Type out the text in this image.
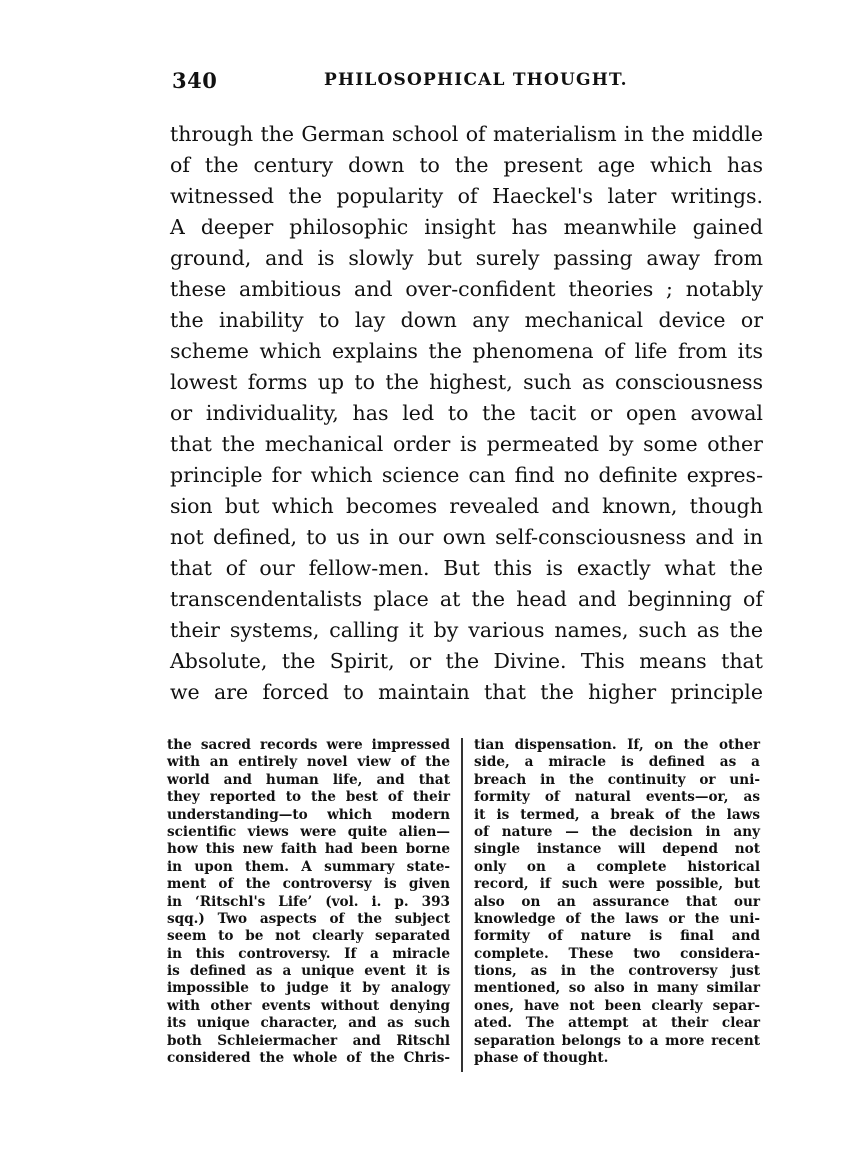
340	PHILOSOPHICAL THOUGHT.
through the German school of materialism in the middle
of the century down to the present age which has
witnessed the popularity of Haeckel's later writings.
A deeper philosophic insight has meanwhile gained
ground, and is slowly but surely passing away from
these ambitious and over-confident theories ; notably
the inability to lay down any mechanical device or
scheme which explains the phenomena of life from its
lowest forms up to the highest, such as consciousness
or individuality, has led to the tacit or open avowal
that the mechanical order is permeated by some other
principle for which science can find no definite expres-
sion but which becomes revealed and known, though
not defined, to us in our own self-consciousness and in
that of our fellow-men. But this is exactly what the
transcendentalists place at the head and beginning of
their systems, calling it by various names, such as the
Absolute, the Spirit, or the Divine. This means that
we are forced to maintain that the higher principle
the sacred records were impressed
with an entirely novel view of the
world and human life, and that
they reported to the best of their
understanding—to which modern
scientific views were quite alien—
how this new faith had been borne
in upon them. A summary state-
ment of the controversy is given
in ‘Ritschl's Life’ (vol. i. p. 393
sqq.) Two aspects of the subject
seem to be not clearly separated
in this controversy. If a miracle
is defined as a unique event it is
impossible to judge it by analogy
with other events without denying
its unique character, and as such
both Schleiermacher and Ritschl
considered the whole of the Chris-
tian dispensation. If, on the other
side, a miracle is defined as a
breach in the continuity or uni-
formity of natural events—or, as
it is termed, a break of the laws
of nature — the decision in any
single instance will depend not
only on a complete historical
record, if such were possible, but
also on an assurance that our
knowledge of the laws or the uni-
formity of nature is final and
complete. These two considera-
tions, as in the controversy just
mentioned, so also in many similar
ones, have not been clearly separ-
ated. The attempt at their clear
separation belongs to a more recent
phase of thought.
